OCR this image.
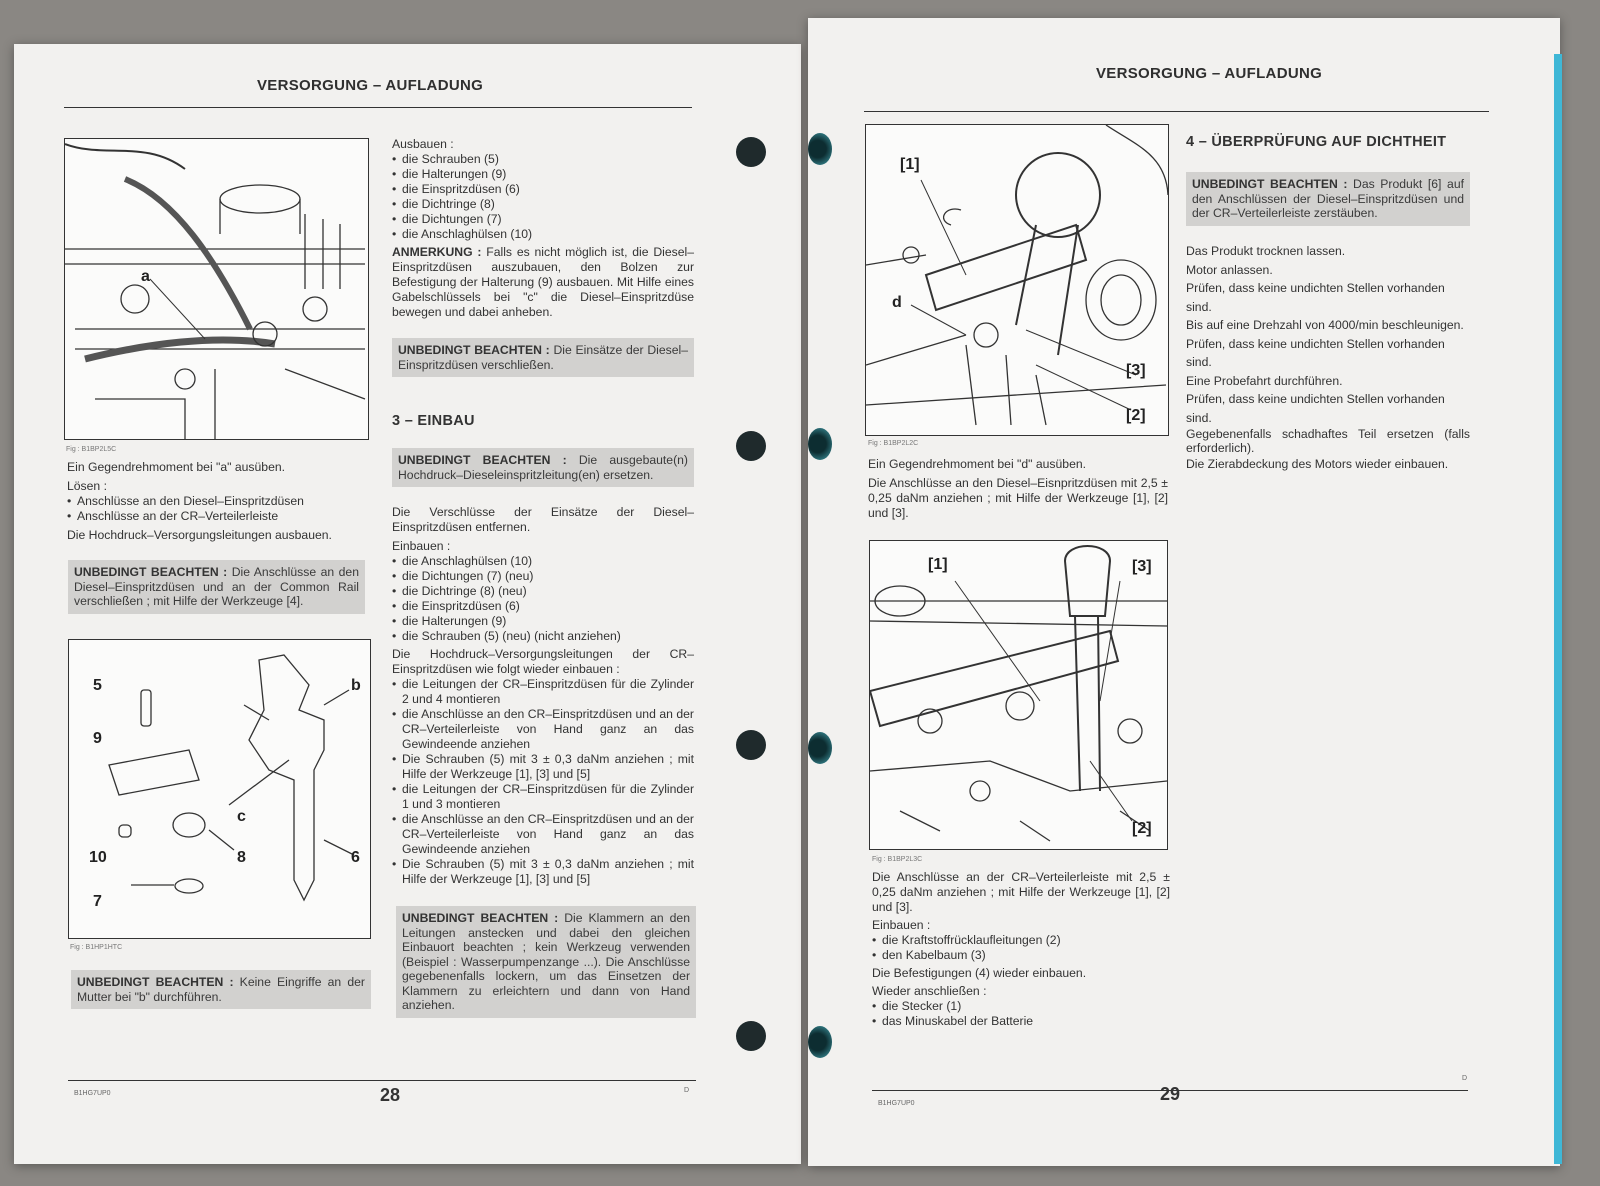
VERSORGUNG – AUFLADUNG
a
Fig : B1BP2L5C

Ein Gegendrehmoment bei "a" ausüben.

Lösen :

• Anschlüsse an den Diesel–Einspritzdüsen
• Anschlüsse an der CR–Verteilerleiste

Die Hochdruck–Versorgungsleitungen ausbauen.

UNBEDINGT BEACHTEN : Die Anschlüsse an den Diesel–Einspritzdüsen und an der Common Rail verschließen ; mit Hilfe der Werkzeuge [4].
5
9
10
7
c
8	6
b
Fig : B1HP1HTC
UNBEDINGT BEACHTEN : Keine Eingriffe an der Mutter bei "b" durchführen.

Ausbauen :

• die Schrauben (5)
• die Halterungen (9)
• die Einspritzdüsen (6)
• die Dichtringe (8)
• die Dichtungen (7)
• die Anschlaghülsen (10)

ANMERKUNG : Falls es nicht möglich ist, die Diesel–Einspritzdüsen auszubauen, den Bolzen zur Befestigung der Halterung (9) ausbauen. Mit Hilfe eines Gabelschlüssels bei "c" die Diesel–Einspritzdüse bewegen und dabei anheben.

UNBEDINGT BEACHTEN : Die Einsätze der Diesel–Einspritzdüsen verschließen.
3 – EINBAU
UNBEDINGT BEACHTEN : Die ausgebaute(n) Hochdruck–Dieseleinspritzleitung(en) ersetzen.

Die Verschlüsse der Einsätze der Diesel–Einspritzdüsen entfernen.

Einbauen :

• die Anschlaghülsen (10)
• die Dichtungen (7) (neu)
• die Dichtringe (8) (neu)
• die Einspritzdüsen (6)
• die Halterungen (9)
• die Schrauben (5) (neu) (nicht anziehen)

Die Hochdruck–Versorgungsleitungen der CR–Einspritzdüsen wie folgt wieder einbauen :

• die Leitungen der CR–Einspritzdüsen für die Zylinder 2 und 4 montieren
• die Anschlüsse an den CR–Einspritzdüsen und an der CR–Verteilerleiste von Hand ganz an das Gewindeende anziehen
• Die Schrauben (5) mit 3 ± 0,3 daNm anziehen ; mit Hilfe der Werkzeuge [1], [3] und [5]
• die Leitungen der CR–Einspritzdüsen für die Zylinder 1 und 3 montieren
• die Anschlüsse an den CR–Einspritzdüsen und an der CR–Verteilerleiste von Hand ganz an das Gewindeende anziehen
• Die Schrauben (5) mit 3 ± 0,3 daNm anziehen ; mit Hilfe der Werkzeuge [1], [3] und [5]
UNBEDINGT BEACHTEN : Die Klammern an den Leitungen anstecken und dabei den gleichen Einbauort beachten ; kein Werkzeug verwenden (Beispiel : Wasserpumpenzange ...). Die Anschlüsse gegebenenfalls lockern, um das Einsetzen der Klammern zu erleichtern und dann von Hand anziehen.
B1HG7UP0	28	D
VERSORGUNG – AUFLADUNG
[1]
d
[3]
[2]
Fig : B1BP2L2C

Ein Gegendrehmoment bei "d" ausüben.

Die Anschlüsse an den Diesel–Eisnpritzdüsen mit 2,5 ± 0,25 daNm anziehen ; mit Hilfe der Werkzeuge [1], [2] und [3].

[1]	[3]
[2]
Fig : B1BP2L3C

Die Anschlüsse an der CR–Verteilerleiste mit 2,5 ± 0,25 daNm anziehen ; mit Hilfe der Werkzeuge [1], [2] und [3].

Einbauen :

• die Kraftstoffrücklaufleitungen (2)
• den Kabelbaum (3)

Die Befestigungen (4) wieder einbauen.

Wieder anschließen :

• die Stecker (1)
• das Minuskabel der Batterie
4 – ÜBERPRÜFUNG AUF DICHTHEIT
UNBEDINGT BEACHTEN : Das Produkt [6] auf den Anschlüssen der Diesel–Einspritzdüsen und der CR–Verteilerleiste zerstäuben.

Das Produkt trocknen lassen.

Motor anlassen.

Prüfen, dass keine undichten Stellen vorhanden sind.

Bis auf eine Drehzahl von 4000/min beschleunigen.

Prüfen, dass keine undichten Stellen vorhanden sind.

Eine Probefahrt durchführen.

Prüfen, dass keine undichten Stellen vorhanden sind.

Gegebenenfalls schadhaftes Teil ersetzen (falls erforderlich).

Die Zierabdeckung des Motors wieder einbauen.

B1HG7UP0	29
D
